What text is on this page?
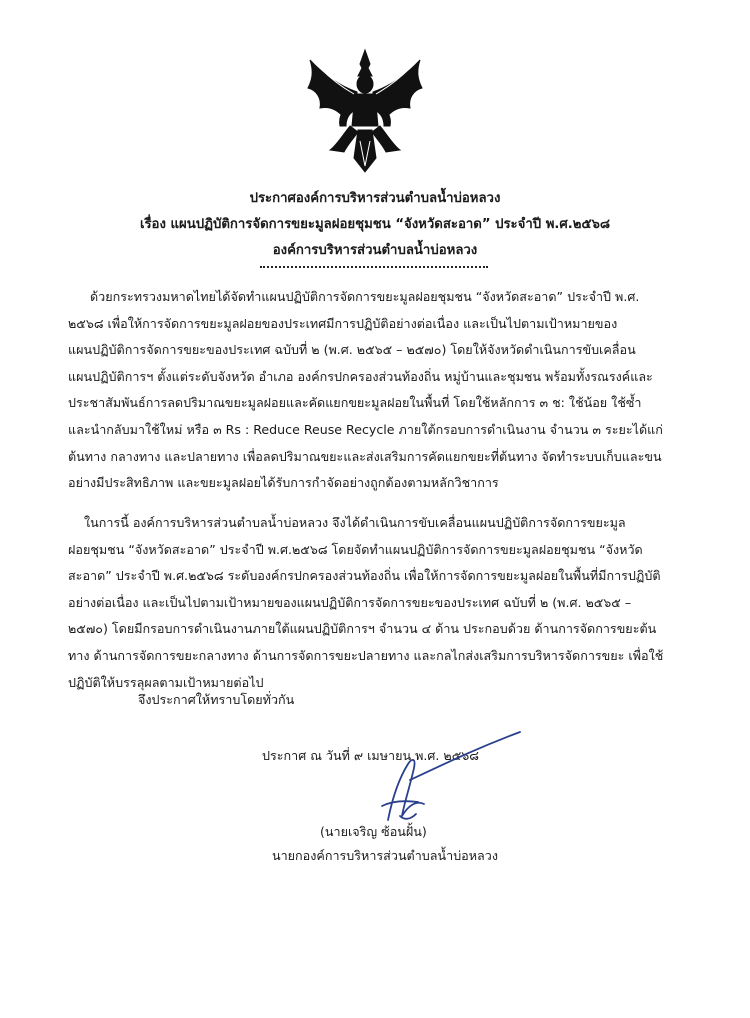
ประกาศองค์การบริหารส่วนตำบลน้ำบ่อหลวง
เรื่อง แผนปฏิบัติการจัดการขยะมูลฝอยชุมชน “จังหวัดสะอาด” ประจำปี พ.ศ.๒๕๖๘
องค์การบริหารส่วนตำบลน้ำบ่อหลวง
ด้วยกระทรวงมหาดไทยได้จัดทำแผนปฏิบัติการจัดการขยะมูลฝอยชุมชน “จังหวัดสะอาด” ประจำปี พ.ศ.
๒๕๖๘ เพื่อให้การจัดการขยะมูลฝอยของประเทศมีการปฏิบัติอย่างต่อเนื่อง และเป็นไปตามเป้าหมายของ
แผนปฏิบัติการจัดการขยะของประเทศ ฉบับที่ ๒ (พ.ศ. ๒๕๖๕ – ๒๕๗๐) โดยให้จังหวัดดำเนินการขับเคลื่อน
แผนปฏิบัติการฯ ตั้งแต่ระดับจังหวัด อำเภอ องค์กรปกครองส่วนท้องถิ่น หมู่บ้านและชุมชน พร้อมทั้งรณรงค์และ
ประชาสัมพันธ์การลดปริมาณขยะมูลฝอยและคัดแยกขยะมูลฝอยในพื้นที่ โดยใช้หลักการ ๓ ช: ใช้น้อย ใช้ซ้ำ
และนำกลับมาใช้ใหม่ หรือ ๓ Rs : Reduce Reuse Recycle ภายใต้กรอบการดำเนินงาน จำนวน ๓ ระยะได้แก่
ต้นทาง กลางทาง และปลายทาง เพื่อลดปริมาณขยะและส่งเสริมการคัดแยกขยะที่ต้นทาง จัดทำระบบเก็บและขน
อย่างมีประสิทธิภาพ และขยะมูลฝอยได้รับการกำจัดอย่างถูกต้องตามหลักวิชาการ
ในการนี้ องค์การบริหารส่วนตำบลน้ำบ่อหลวง จึงได้ดำเนินการขับเคลื่อนแผนปฏิบัติการจัดการขยะมูล
ฝอยชุมชน “จังหวัดสะอาด” ประจำปี พ.ศ.๒๕๖๘ โดยจัดทำแผนปฏิบัติการจัดการขยะมูลฝอยชุมชน “จังหวัด
สะอาด” ประจำปี พ.ศ.๒๕๖๘ ระดับองค์กรปกครองส่วนท้องถิ่น เพื่อให้การจัดการขยะมูลฝอยในพื้นที่มีการปฏิบัติ
อย่างต่อเนื่อง และเป็นไปตามเป้าหมายของแผนปฏิบัติการจัดการขยะของประเทศ ฉบับที่ ๒ (พ.ศ. ๒๕๖๕ –
๒๕๗๐) โดยมีกรอบการดำเนินงานภายใต้แผนปฏิบัติการฯ จำนวน ๔ ด้าน ประกอบด้วย ด้านการจัดการขยะต้น
ทาง ด้านการจัดการขยะกลางทาง ด้านการจัดการขยะปลายทาง และกลไกส่งเสริมการบริหารจัดการขยะ เพื่อใช้
ปฏิบัติให้บรรลุผลตามเป้าหมายต่อไป
จึงประกาศให้ทราบโดยทั่วกัน
ประกาศ ณ วันที่ ๙ เมษายน พ.ศ. ๒๕๖๘
(นายเจริญ ซ้อนฝั้น)
นายกองค์การบริหารส่วนตำบลน้ำบ่อหลวง
